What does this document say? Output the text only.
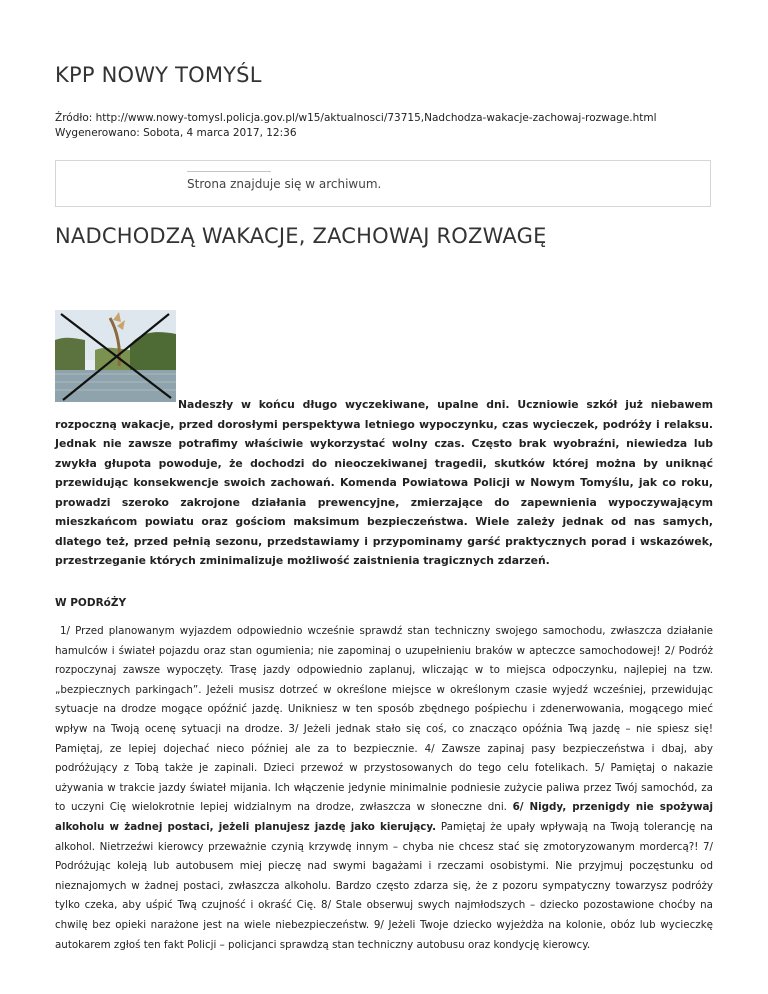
KPP NOWY TOMYŚL
Źródło: http://www.nowy-tomysl.policja.gov.pl/w15/aktualnosci/73715,Nadchodza-wakacje-zachowaj-rozwage.html
Wygenerowano: Sobota, 4 marca 2017, 12:36
Strona znajduje się w archiwum.
NADCHODZĄ WAKACJE, ZACHOWAJ ROZWAGĘ

Nadeszły w końcu długo wyczekiwane, upalne dni. Uczniowie szkół już niebawem rozpoczną wakacje, przed dorosłymi perspektywa letniego wypoczynku, czas wycieczek, podróży i relaksu. Jednak nie zawsze potrafimy właściwie wykorzystać wolny czas. Często brak wyobraźni, niewiedza lub zwykła głupota powoduje, że dochodzi do nieoczekiwanej tragedii, skutków której można by uniknąć przewidując konsekwencje swoich zachowań. Komenda Powiatowa Policji w Nowym Tomyślu, jak co roku, prowadzi szeroko zakrojone działania prewencyjne, zmierzające do zapewnienia wypoczywającym mieszkańcom powiatu oraz gościom maksimum bezpieczeństwa. Wiele zależy jednak od nas samych, dlatego też, przed pełnią sezonu, przedstawiamy i przypominamy garść praktycznych porad i wskazówek, przestrzeganie których zminimalizuje możliwość zaistnienia tragicznych zdarzeń.

W PODRóŻY

1/ Przed planowanym wyjazdem odpowiednio wcześnie sprawdź stan techniczny swojego samochodu, zwłaszcza działanie hamulców i świateł pojazdu oraz stan ogumienia; nie zapominaj o uzupełnieniu braków w apteczce samochodowej! 2/ Podróż rozpoczynaj zawsze wypoczęty. Trasę jazdy odpowiednio zaplanuj, wliczając w to miejsca odpoczynku, najlepiej na tzw. „bezpiecznych parkingach”. Jeżeli musisz dotrzeć w określone miejsce w określonym czasie wyjedź wcześniej, przewidując sytuacje na drodze mogące opóźnić jazdę. Unikniesz w ten sposób zbędnego pośpiechu i zdenerwowania, mogącego mieć wpływ na Twoją ocenę sytuacji na drodze. 3/ Jeżeli jednak stało się coś, co znacząco opóźnia Twą jazdę – nie spiesz się! Pamiętaj, ze lepiej dojechać nieco później ale za to bezpiecznie. 4/ Zawsze zapinaj pasy bezpieczeństwa i dbaj, aby podróżujący z Tobą także je zapinali. Dzieci przewoź w przystosowanych do tego celu fotelikach. 5/ Pamiętaj o nakazie używania w trakcie jazdy świateł mijania. Ich włączenie jedynie minimalnie podniesie zużycie paliwa przez Twój samochód, za to uczyni Cię wielokrotnie lepiej widzialnym na drodze, zwłaszcza w słoneczne dni. 6/ Nigdy, przenigdy nie spożywaj alkoholu w żadnej postaci, jeżeli planujesz jazdę jako kierujący. Pamiętaj że upały wpływają na Twoją tolerancję na alkohol. Nietrzeźwi kierowcy przeważnie czynią krzywdę innym – chyba nie chcesz stać się zmotoryzowanym mordercą?! 7/ Podróżując koleją lub autobusem miej pieczę nad swymi bagażami i rzeczami osobistymi. Nie przyjmuj poczęstunku od nieznajomych w żadnej postaci, zwłaszcza alkoholu. Bardzo często zdarza się, że z pozoru sympatyczny towarzysz podróży tylko czeka, aby uśpić Twą czujność i okraść Cię. 8/ Stale obserwuj swych najmłodszych – dziecko pozostawione choćby na chwilę bez opieki narażone jest na wiele niebezpieczeństw. 9/ Jeżeli Twoje dziecko wyjeżdża na kolonie, obóz lub wycieczkę autokarem zgłoś ten fakt Policji – policjanci sprawdzą stan techniczny autobusu oraz kondycję kierowcy.
